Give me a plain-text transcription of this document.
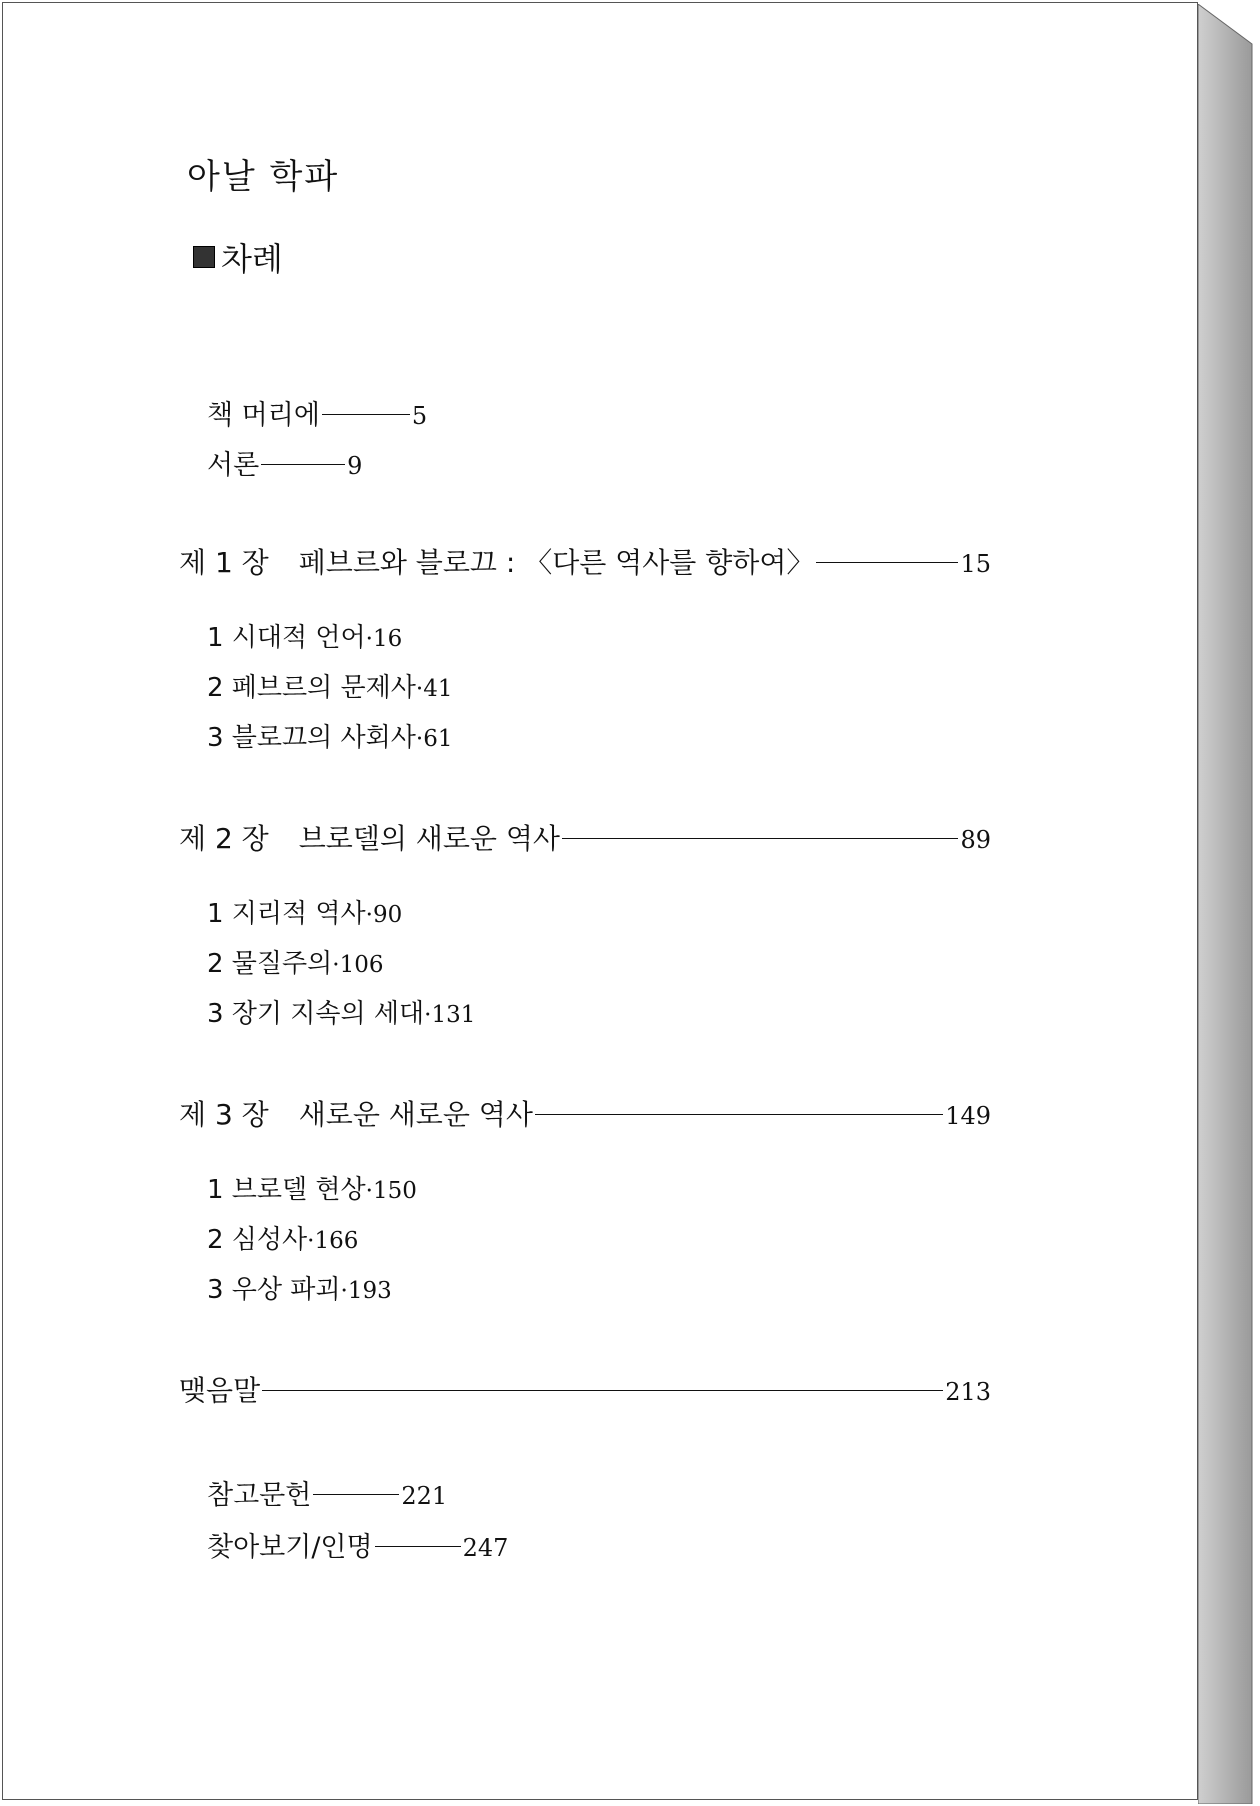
아날 학파
차례
책 머리에	5
서론	9
제 1 장 페브르와 블로끄 : 〈다른 역사를 향하여〉	15
1 시대적 언어 · 16
2 페브르의 문제사 · 41
3 블로끄의 사회사 · 61
제 2 장 브로델의 새로운 역사	89
1 지리적 역사 · 90
2 물질주의 · 106
3 장기 지속의 세대 · 131
제 3 장 새로운 새로운 역사	149
1 브로델 현상 · 150
2 심성사 · 166
3 우상 파괴 · 193
맺음말	213
참고문헌	221
찾아보기/인명	247
